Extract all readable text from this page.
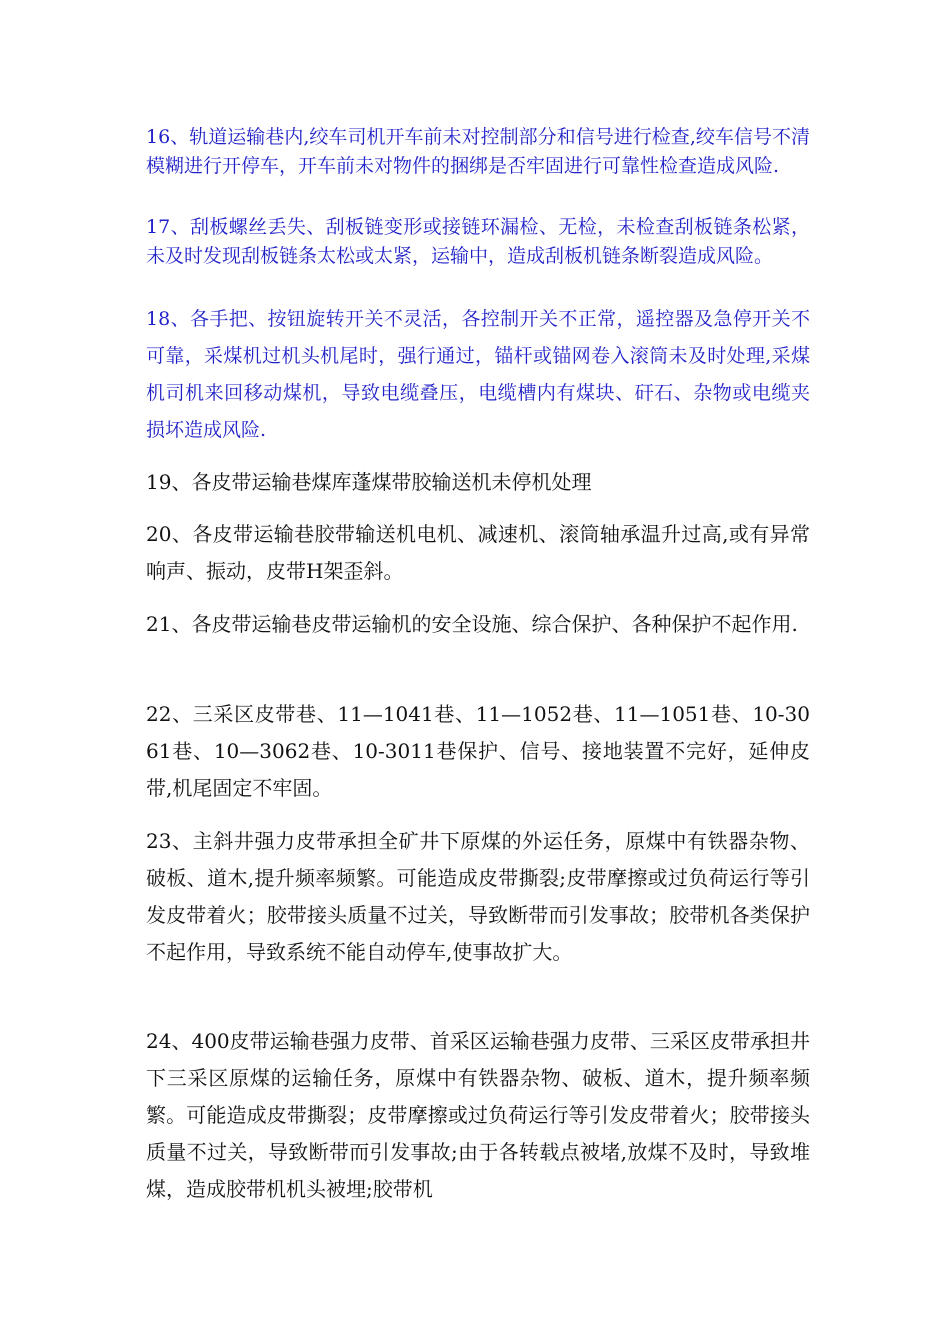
16、轨道运输巷内,绞车司机开车前未对控制部分和信号进行检查,绞车信号不清模糊进行开停车，开车前未对物件的捆绑是否牢固进行可靠性检查造成风险.

17、刮板螺丝丢失、刮板链变形或接链环漏检、无检，未检查刮板链条松紧，未及时发现刮板链条太松或太紧，运输中，造成刮板机链条断裂造成风险。

18、各手把、按钮旋转开关不灵活，各控制开关不正常，遥控器及急停开关不可靠，采煤机过机头机尾时，强行通过，锚杆或锚网卷入滚筒未及时处理,采煤机司机来回移动煤机，导致电缆叠压，电缆槽内有煤块、矸石、杂物或电缆夹损坏造成风险.

19、各皮带运输巷煤库蓬煤带胶输送机未停机处理

20、各皮带运输巷胶带输送机电机、减速机、滚筒轴承温升过高,或有异常响声、振动，皮带H架歪斜。

21、各皮带运输巷皮带运输机的安全设施、综合保护、各种保护不起作用.

22、三采区皮带巷、11—1041巷、11—1052巷、11—1051巷、10-3061巷、10—3062巷、10-3011巷保护、信号、接地装置不完好，延伸皮带,机尾固定不牢固。

23、主斜井强力皮带承担全矿井下原煤的外运任务，原煤中有铁器杂物、破板、道木,提升频率频繁。可能造成皮带撕裂;皮带摩擦或过负荷运行等引发皮带着火；胶带接头质量不过关，导致断带而引发事故；胶带机各类保护不起作用，导致系统不能自动停车,使事故扩大。

24、400皮带运输巷强力皮带、首采区运输巷强力皮带、三采区皮带承担井下三采区原煤的运输任务，原煤中有铁器杂物、破板、道木，提升频率频繁。可能造成皮带撕裂；皮带摩擦或过负荷运行等引发皮带着火；胶带接头质量不过关，导致断带而引发事故;由于各转载点被堵,放煤不及时，导致堆煤，造成胶带机机头被埋;胶带机
